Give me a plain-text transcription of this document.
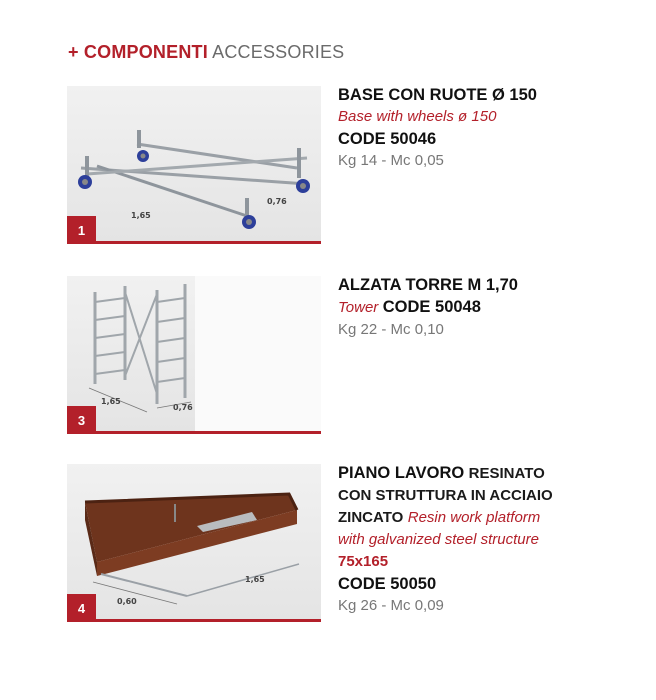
+ COMPONENTI ACCESSORIES
1,65
0,76
1
BASE CON RUOTE Ø 150
Base with wheels ø 150
CODE 50046
Kg 14 - Mc 0,05
1,65
0,76
3
ALZATA TORRE M 1,70
Tower CODE 50048
Kg 22 - Mc 0,10
1,65
0,60
4
PIANO LAVORO RESINATO
CON STRUTTURA IN ACCIAIO
ZINCATO Resin work platform
with galvanized steel structure
75x165
CODE 50050
Kg 26 - Mc 0,09
